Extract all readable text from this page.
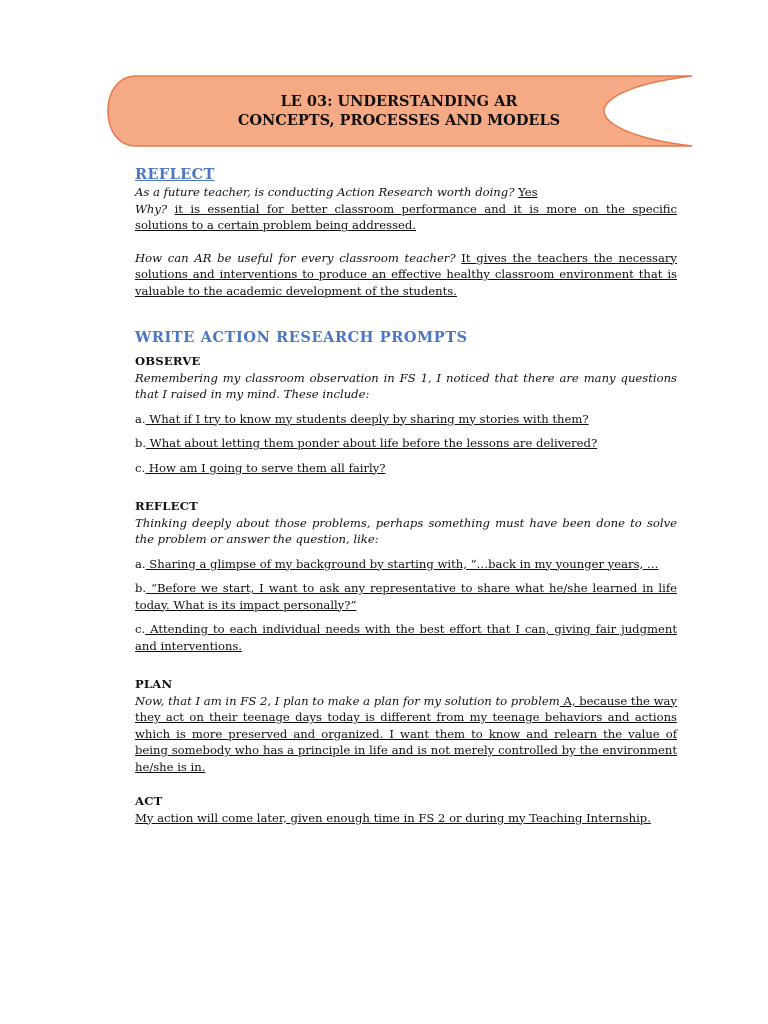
LE 03: UNDERSTANDING AR
CONCEPTS, PROCESSES AND MODELS
REFLECT

As a future teacher, is conducting Action Research worth doing? Yes

Why? it is essential for better classroom performance and it is more on the specific solutions to a certain problem being addressed.

How can AR be useful for every classroom teacher? It gives the teachers the necessary solutions and interventions to produce an effective healthy classroom environment that is valuable to the academic development of the students.

WRITE ACTION RESEARCH PROMPTS
OBSERVE

Remembering my classroom observation in FS 1, I noticed that there are many questions that I raised in my mind. These include:

a. What if I try to know my students deeply by sharing my stories with them?

b. What about letting them ponder about life before the lessons are delivered?

c. How am I going to serve them all fairly?

REFLECT

Thinking deeply about those problems, perhaps something must have been done to solve the problem or answer the question, like:

a. Sharing a glimpse of my background by starting with, “…back in my younger years, …

b. “Before we start, I want to ask any representative to share what he/she learned in life today. What is its impact personally?”

c. Attending to each individual needs with the best effort that I can, giving fair judgment and interventions.

PLAN

Now, that I am in FS 2, I plan to make a plan for my solution to problem A, because the way they act on their teenage days today is different from my teenage behaviors and actions which is more preserved and organized. I want them to know and relearn the value of being somebody who has a principle in life and is not merely controlled by the environment he/she is in.

ACT

My action will come later, given enough time in FS 2 or during my Teaching Internship.
